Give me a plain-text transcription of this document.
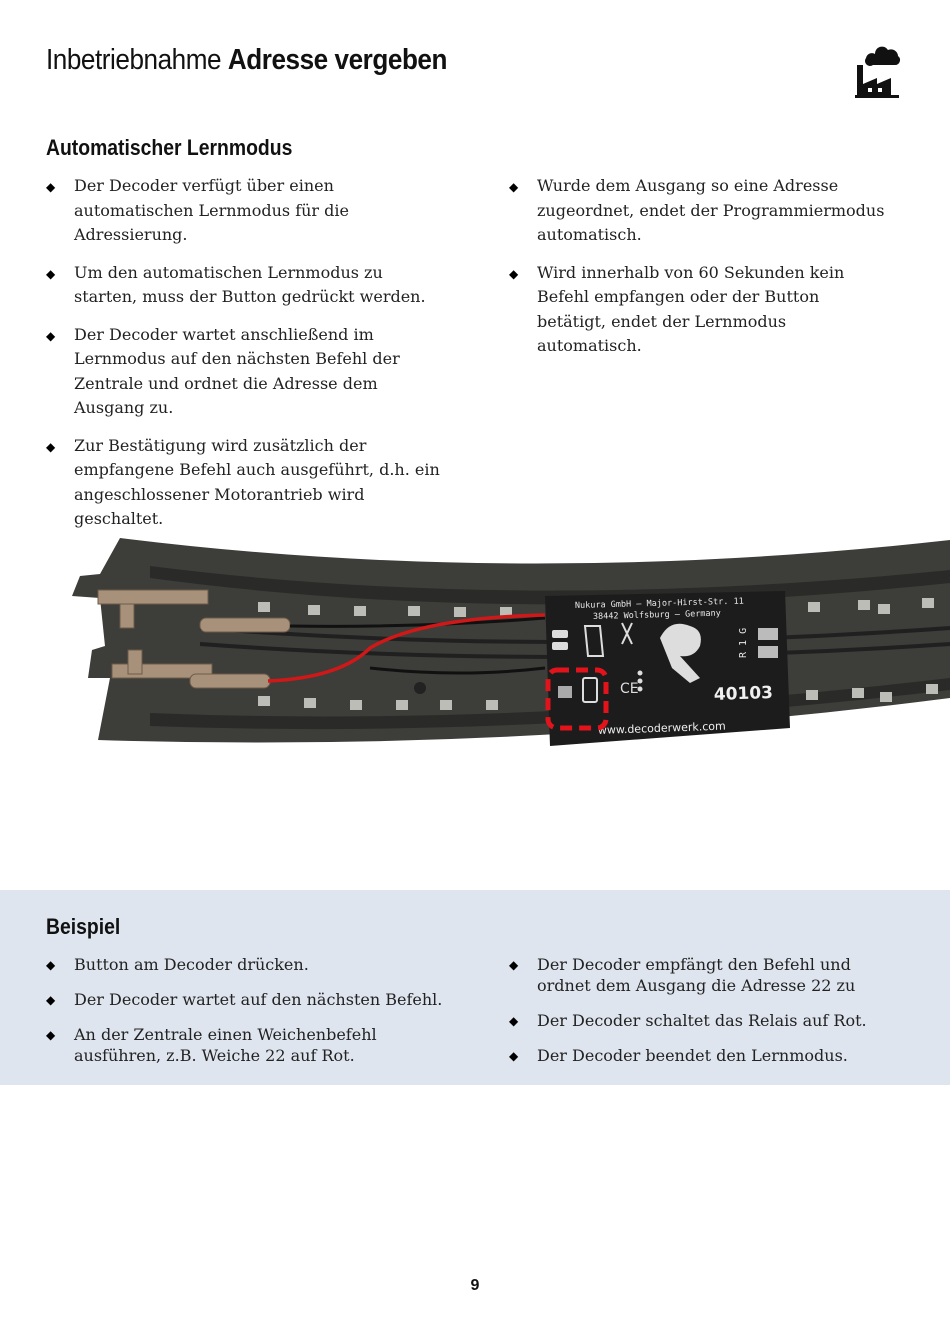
Inbetriebnahme Adresse vergeben
Automatischer Lernmodus
◆ Der Decoder verfügt über einen automatischen Lernmodus für die Adressierung.
◆ Um den automatischen Lernmodus zu starten, muss der Button gedrückt werden.
◆ Der Decoder wartet anschließend im Lernmodus auf den nächsten Befehl der Zentrale und ordnet die Adresse dem Ausgang zu.
◆ Zur Bestätigung wird zusätzlich der empfangene Befehl auch ausgeführt, d.h. ein angeschlossener Motorantrieb wird geschaltet.
◆ Wurde dem Ausgang so eine Adresse zugeordnet, endet der Programmiermodus automatisch.
◆ Wird innerhalb von 60 Sekunden kein Befehl empfangen oder der Button betätigt, endet der Lernmodus automatisch.
Nukura GmbH – Major-Hirst-Str. 11
38442 Wolfsburg – Germany
40103
www.decoderwerk.com
R 1 G
CE
Beispiel
◆ Button am Decoder drücken.
◆ Der Decoder wartet auf den nächsten Befehl.
◆ An der Zentrale einen Weichenbefehl ausführen, z.B. Weiche 22 auf Rot.
◆ Der Decoder empfängt den Befehl und ordnet dem Ausgang die Adresse 22 zu
◆ Der Decoder schaltet das Relais auf Rot.
◆ Der Decoder beendet den Lernmodus.
9
